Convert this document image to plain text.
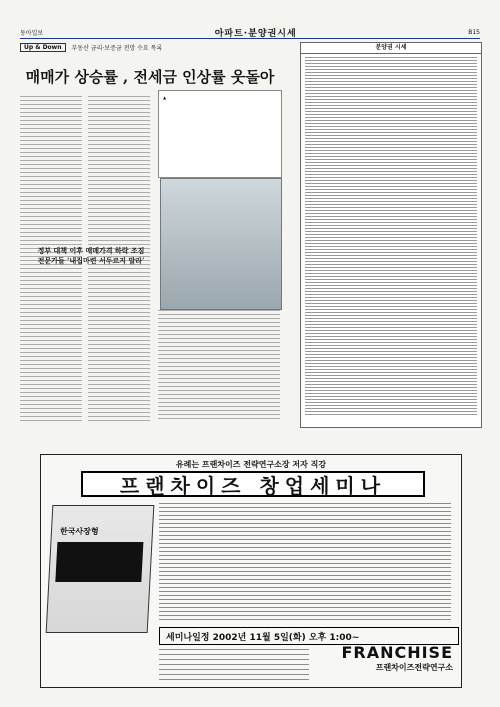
동아일보	아파트·분양권시세	B15
Up & Down	부동산 금리·보증금 전망 수요 목록
매매가 상승률 , 전세금 인상률 웃돌아
▲
정부 대책 이후 매매가격 하락 조짐 전문가들 ‘내집마련 서두르지 말라’
분양권 시세
유례는 프랜차이즈 전략연구소장 저자 직강
프랜차이즈 창업세미나
한국사장형
세미나일정 2002년 11월 5일(화) 오후 1:00~
FRANCHISE
프랜차이즈전략연구소
